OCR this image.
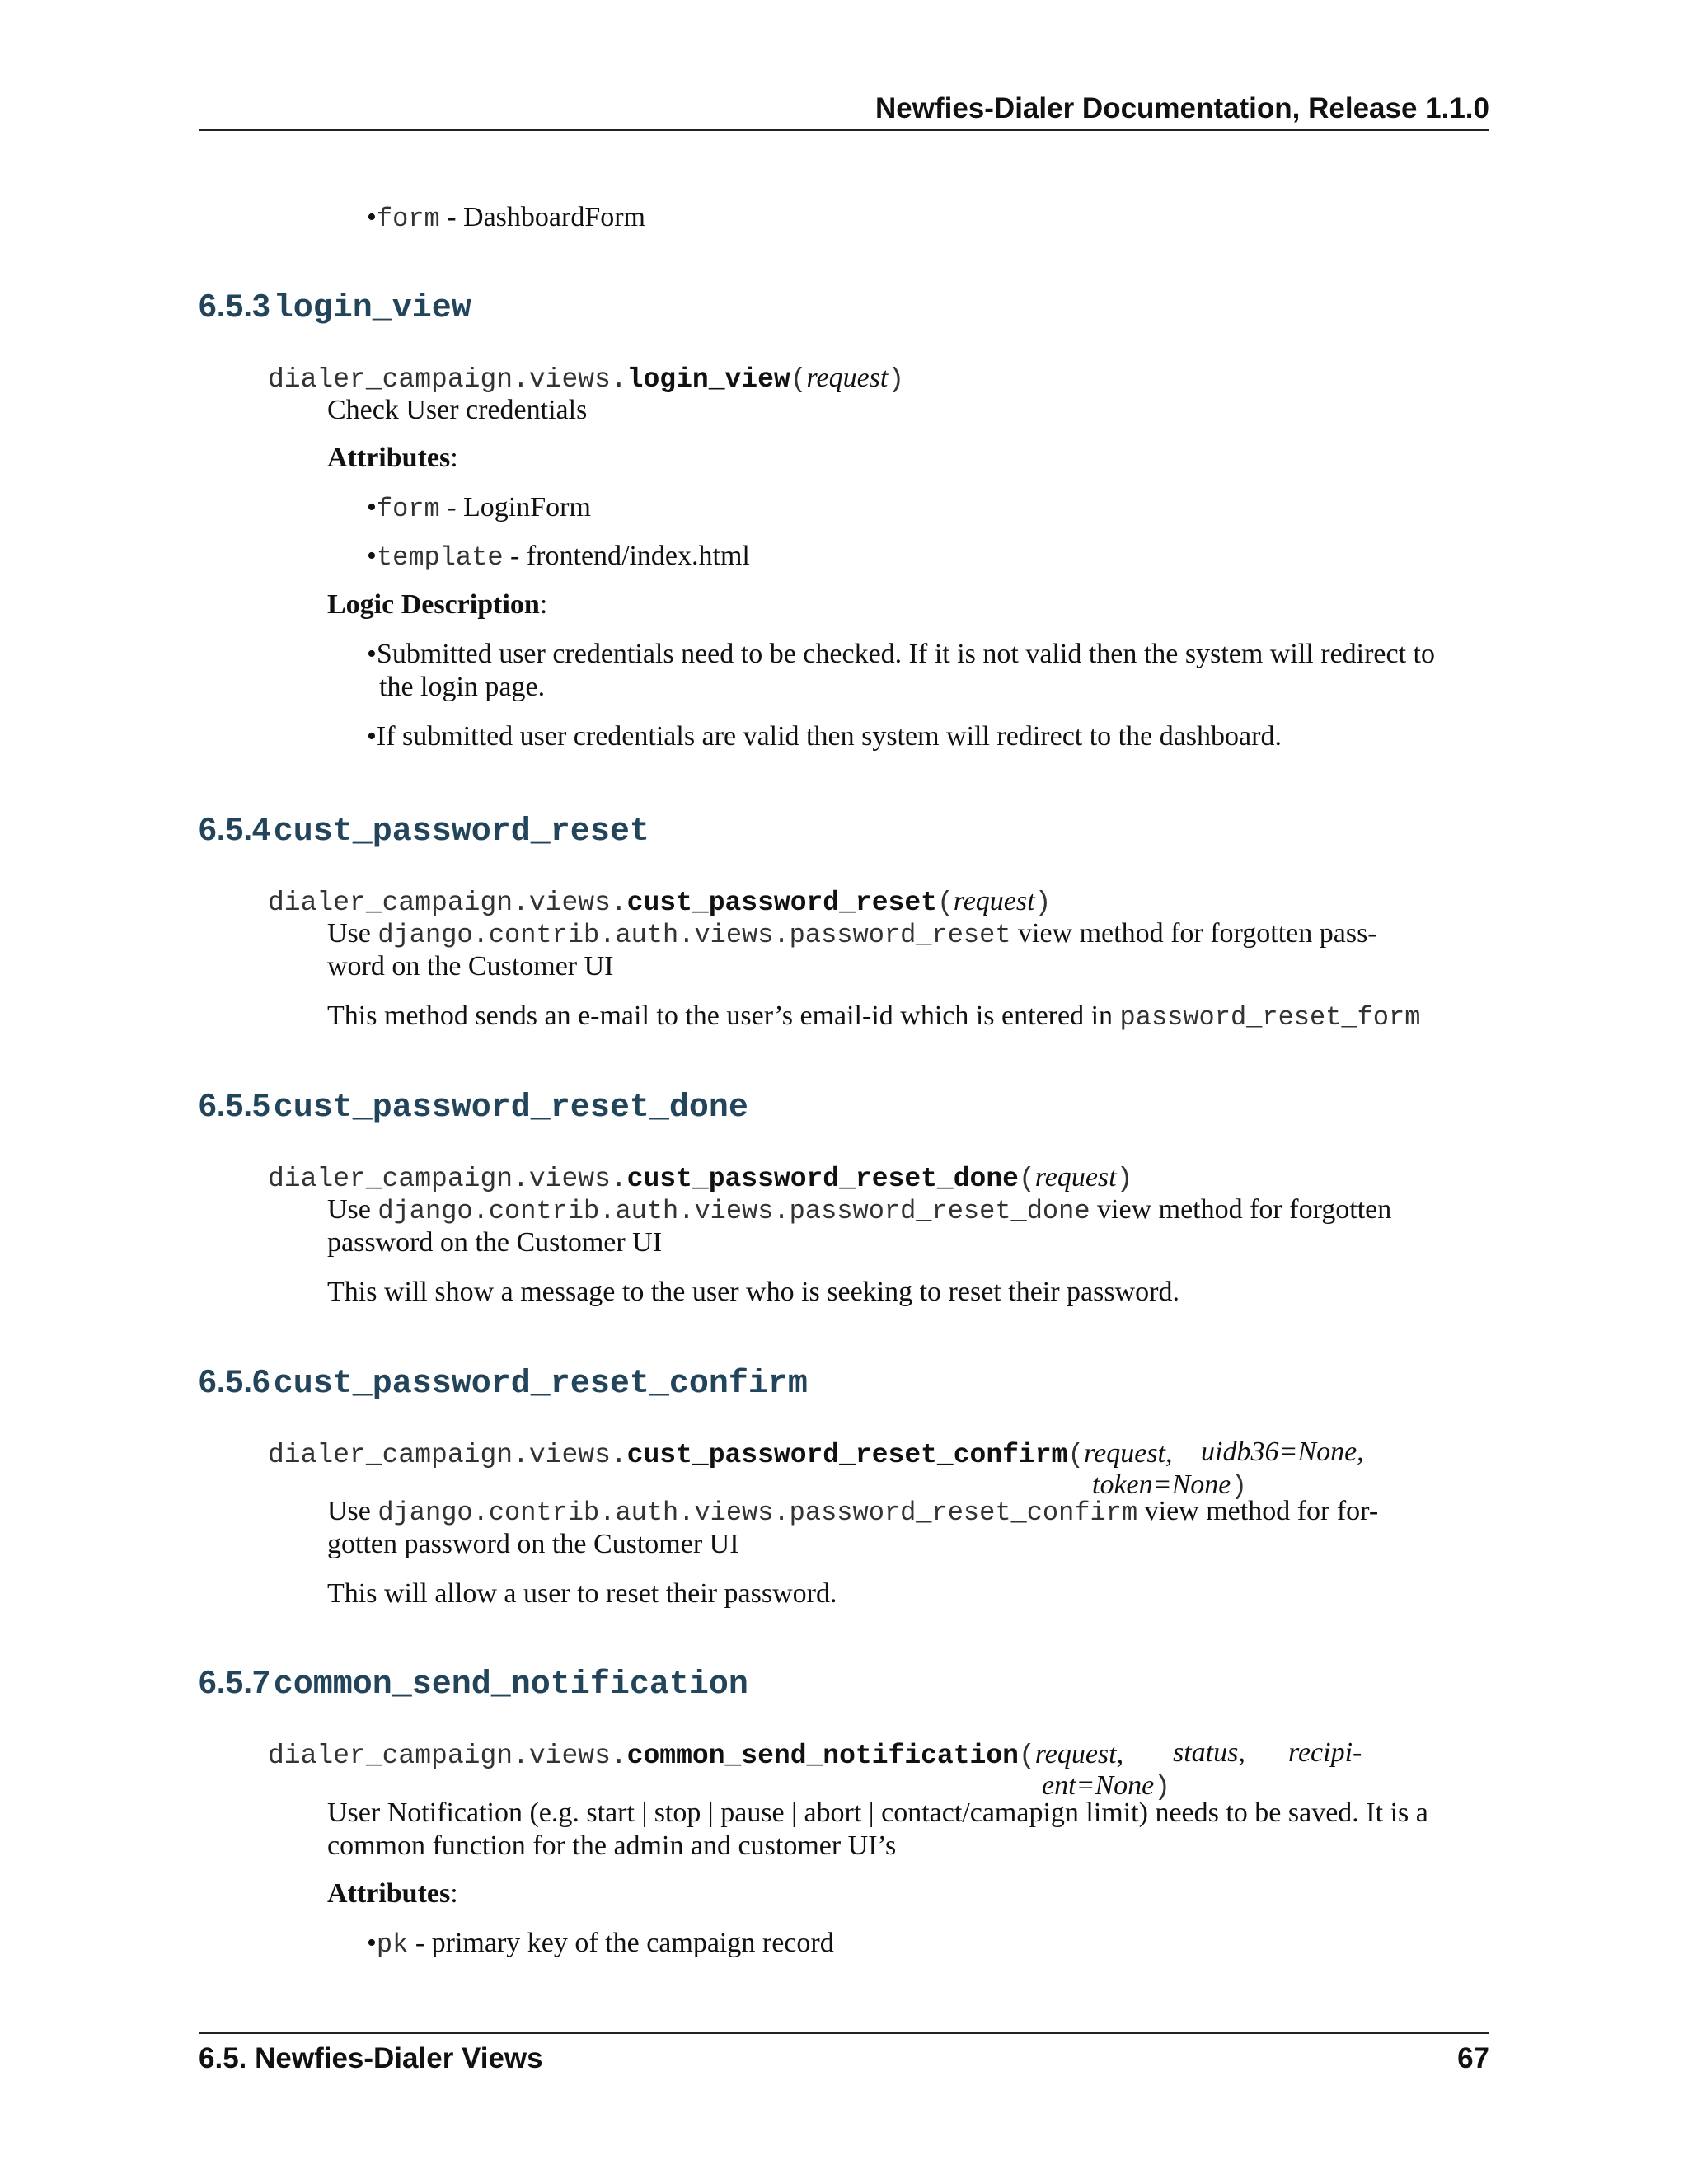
Newfies-Dialer Documentation, Release 1.1.0
•form - DashboardForm
6.5.3 login_view
dialer_campaign.views.login_view(request)
Check User credentials
Attributes:
•form - LoginForm
•template - frontend/index.html
Logic Description:
•Submitted user credentials need to be checked. If it is not valid then the system will redirect to
the login page.
•If submitted user credentials are valid then system will redirect to the dashboard.
6.5.4 cust_password_reset
dialer_campaign.views.cust_password_reset(request)
Use django.contrib.auth.views.password_reset view method for forgotten pass-
word on the Customer UI
This method sends an e-mail to the user’s email-id which is entered in password_reset_form
6.5.5 cust_password_reset_done
dialer_campaign.views.cust_password_reset_done(request)
Use django.contrib.auth.views.password_reset_done view method for forgotten
password on the Customer UI
This will show a message to the user who is seeking to reset their password.
6.5.6 cust_password_reset_confirm
dialer_campaign.views.cust_password_reset_confirm(request, uidb36=None,
token=None)
Use django.contrib.auth.views.password_reset_confirm view method for for-
gotten password on the Customer UI
This will allow a user to reset their password.
6.5.7 common_send_notification
dialer_campaign.views.common_send_notification(request, status, recipi-
ent=None)
User Notification (e.g. start | stop | pause | abort | contact/camapign limit) needs to be saved. It is a
common function for the admin and customer UI’s
Attributes:
•pk - primary key of the campaign record
6.5. Newfies-Dialer Views	67
